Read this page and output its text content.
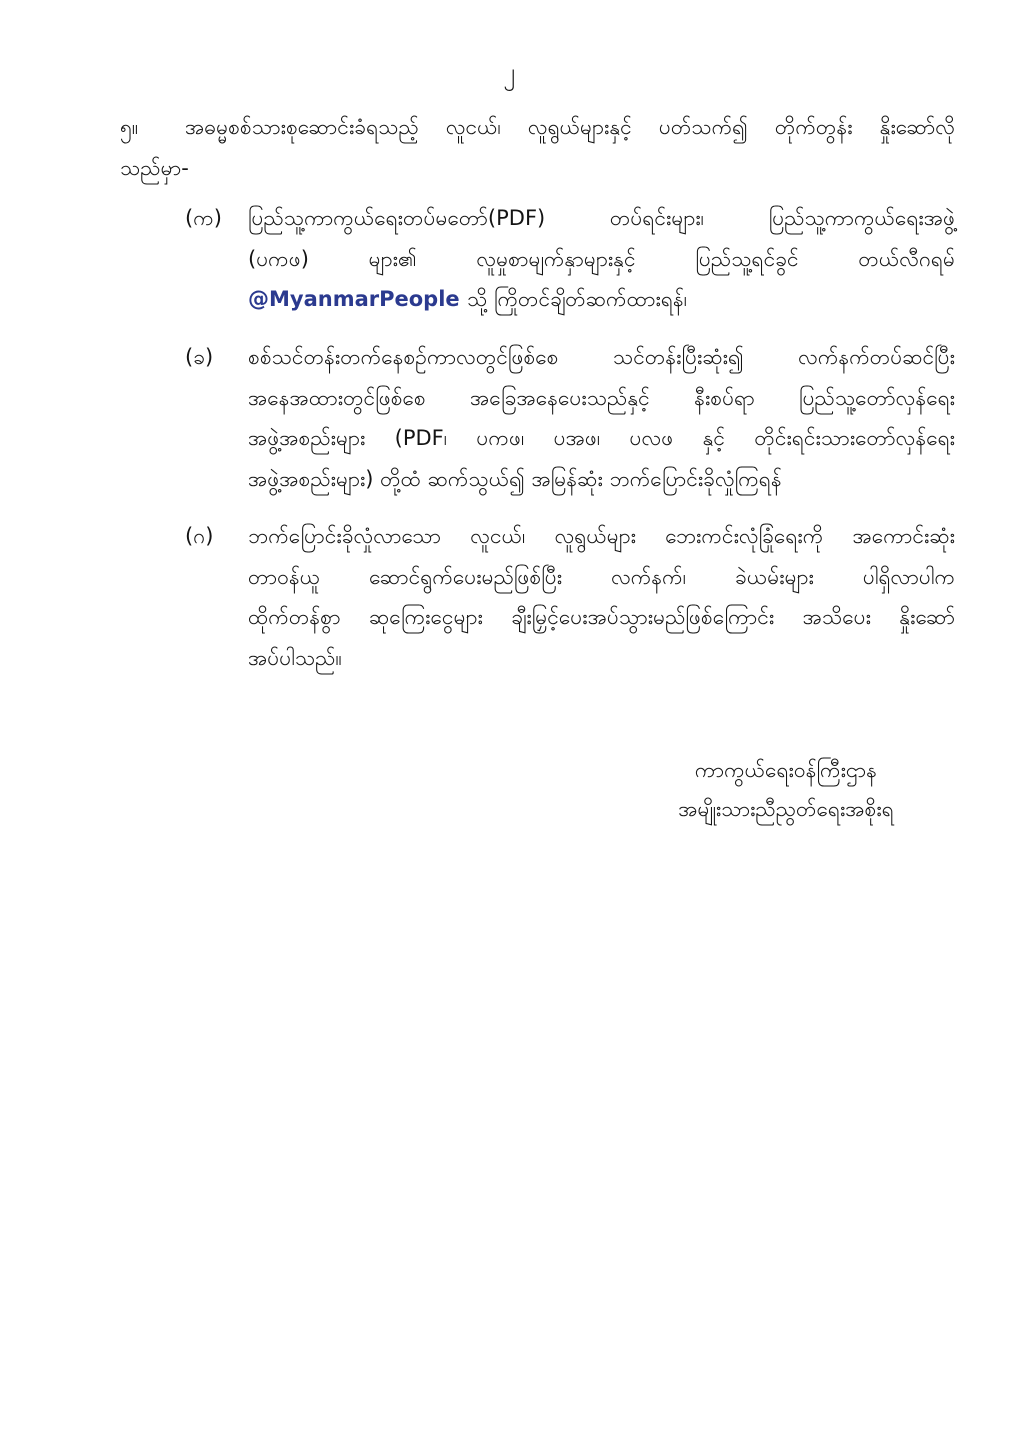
၂
၅။	အဓမ္မစစ်သားစုဆောင်းခံရသည့် လူငယ်၊ လူရွယ်များနှင့် ပတ်သက်၍ တိုက်တွန်း နှိုးဆော်လို
သည်မှာ-
(က)	ပြည်သူ့ကာကွယ်ရေးတပ်မတော်(PDF) တပ်ရင်းများ၊ ပြည်သူ့ကာကွယ်ရေးအဖွဲ့
(ပကဖ) များ၏ လူမှုစာမျက်နှာများနှင့် ပြည်သူ့ရင်ခွင် တယ်လီဂရမ်
@MyanmarPeople သို့ ကြိုတင်ချိတ်ဆက်ထားရန်၊
(ခ)	စစ်သင်တန်းတက်နေစဉ်ကာလတွင်ဖြစ်စေ သင်တန်းပြီးဆုံး၍ လက်နက်တပ်ဆင်ပြီး
အနေအထားတွင်ဖြစ်စေ အခြေအနေပေးသည်နှင့် နီးစပ်ရာ ပြည်သူ့တော်လှန်ရေး
အဖွဲ့အစည်းများ (PDF၊ ပကဖ၊ ပအဖ၊ ပလဖ နှင့် တိုင်းရင်းသားတော်လှန်ရေး
အဖွဲ့အစည်းများ) တို့ထံ ဆက်သွယ်၍ အမြန်ဆုံး ဘက်ပြောင်းခိုလှုံကြရန်
(ဂ)	ဘက်ပြောင်းခိုလှုံလာသော လူငယ်၊ လူရွယ်များ ဘေးကင်းလုံခြုံရေးကို အကောင်းဆုံး
တာဝန်ယူ ဆောင်ရွက်ပေးမည်ဖြစ်ပြီး လက်နက်၊ ခဲယမ်းများ ပါရှိလာပါက
ထိုက်တန်စွာ ဆုကြေးငွေများ ချီးမြှင့်ပေးအပ်သွားမည်ဖြစ်ကြောင်း အသိပေး နှိုးဆော်
အပ်ပါသည်။
ကာကွယ်ရေးဝန်ကြီးဌာန
အမျိုးသားညီညွတ်ရေးအစိုးရ
